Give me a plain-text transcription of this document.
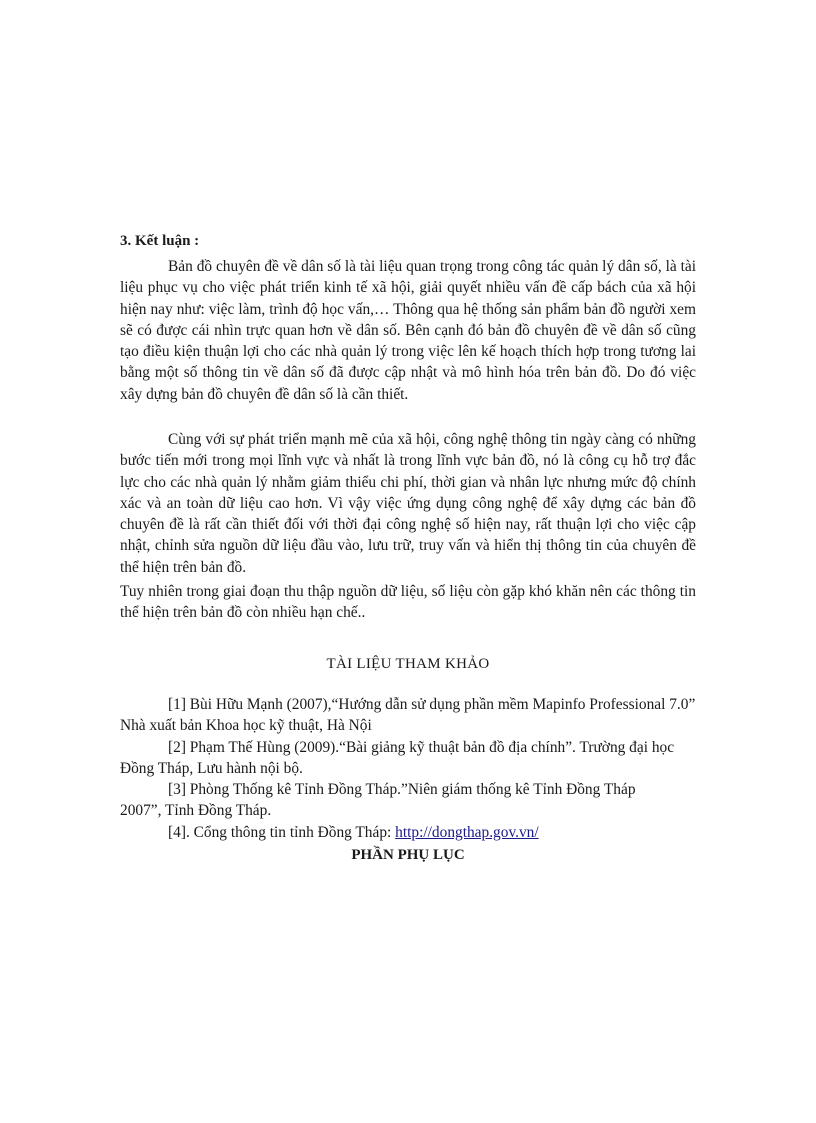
3. Kết luận :

Bản đồ chuyên đề về dân số là tài liệu quan trọng trong công tác quản lý dân số, là tài liệu phục vụ cho việc phát triển kinh tế xã hội, giải quyết nhiều vấn đề cấp bách của xã hội hiện nay như: việc làm, trình độ học vấn,… Thông qua hệ thống sản phẩm bản đồ người xem sẽ có được cái nhìn trực quan hơn về dân số. Bên cạnh đó bản đồ chuyên đề về dân số cũng tạo điều kiện thuận lợi cho các nhà quản lý trong việc lên kế hoạch thích hợp trong tương lai bằng một số thông tin về dân số đã được cập nhật và mô hình hóa trên bản đồ. Do đó việc xây dựng bản đồ chuyên đề dân số là cần thiết.

Cùng với sự phát triển mạnh mẽ của xã hội, công nghệ thông tin ngày càng có những bước tiến mới trong mọi lĩnh vực và nhất là trong lĩnh vực bản đồ, nó là công cụ hỗ trợ đắc lực cho các nhà quản lý nhằm giảm thiểu chi phí, thời gian và nhân lực nhưng mức độ chính xác và an toàn dữ liệu cao hơn. Vì vậy việc ứng dụng công nghệ để xây dựng các bản đồ chuyên đề là rất cần thiết đối với thời đại công nghệ số hiện nay, rất thuận lợi cho việc cập nhật, chỉnh sửa nguồn dữ liệu đầu vào, lưu trữ, truy vấn và hiển thị thông tin của chuyên đề thể hiện trên bản đồ.

Tuy nhiên trong giai đoạn thu thập nguồn dữ liệu, số liệu còn gặp khó khăn nên các thông tin thể hiện trên bản đồ còn nhiều hạn chế..

TÀI LIỆU THAM KHẢO

[1] Bùi Hữu Mạnh (2007),“Hướng dẫn sử dụng phần mềm Mapinfo Professional 7.0” Nhà xuất bản Khoa học kỹ thuật, Hà Nội

[2] Phạm Thế Hùng (2009).“Bài giảng kỹ thuật bản đồ địa chính”. Trường đại học Đồng Tháp, Lưu hành nội bộ.

[3] Phòng Thống kê Tỉnh Đồng Tháp.”Niên giám thống kê Tỉnh Đồng Tháp 2007”, Tỉnh Đồng Tháp.

[4]. Cổng thông tin tỉnh Đồng Tháp: http://dongthap.gov.vn/

PHẦN PHỤ LỤC
